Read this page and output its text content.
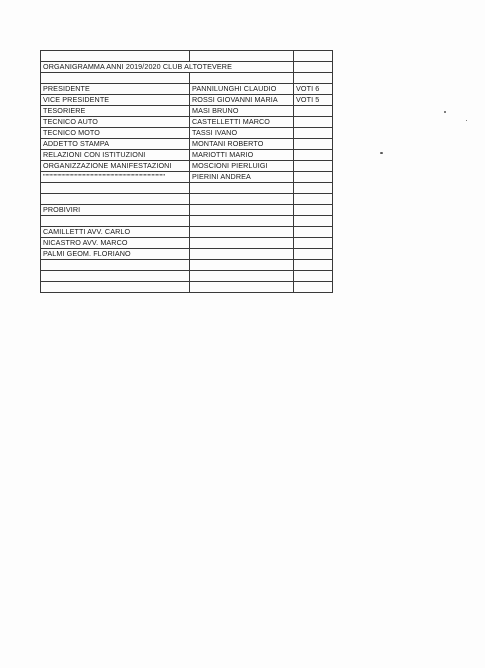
ORGANIGRAMMA ANNI 2019/2020 CLUB ALTOTEVERE		

PRESIDENTE	PANNILUNGHI CLAUDIO	VOTI 6
VICE PRESIDENTE	ROSSI GIOVANNI MARIA	VOTI 5
TESORIERE	MASI BRUNO	
TECNICO AUTO	CASTELLETTI MARCO	
TECNICO MOTO	TASSI IVANO	
ADDETTO STAMPA	MONTANI ROBERTO	
RELAZIONI CON ISTITUZIONI	MARIOTTI MARIO	
ORGANIZZAZIONE MANIFESTAZIONI	MOSCIONI PIERLUIGI	
""""""""""""""""""""""""""""""""""""""""""""""	PIERINI ANDREA	

PROBIVIRI		

CAMILLETTI AVV. CARLO		
NICASTRO AVV. MARCO		
PALMI GEOM. FLORIANO		
